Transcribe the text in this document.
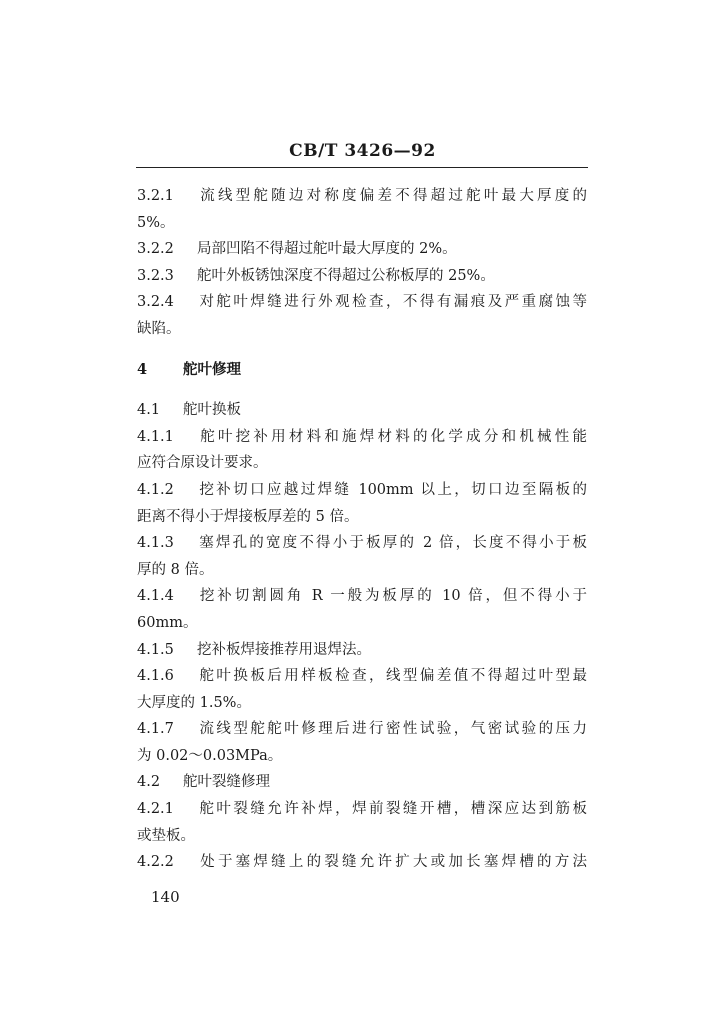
CB/T 3426—92
3.2.1 流线型舵随边对称度偏差不得超过舵叶最大厚度的
5%。
3.2.2 局部凹陷不得超过舵叶最大厚度的 2%。
3.2.3 舵叶外板锈蚀深度不得超过公称板厚的 25%。
3.2.4 对舵叶焊缝进行外观检查，不得有漏痕及严重腐蚀等
缺陷。
4 舵叶修理
4.1 舵叶换板
4.1.1 舵叶挖补用材料和施焊材料的化学成分和机械性能
应符合原设计要求。
4.1.2 挖补切口应越过焊缝 100mm 以上，切口边至隔板的
距离不得小于焊接板厚差的 5 倍。
4.1.3 塞焊孔的宽度不得小于板厚的 2 倍，长度不得小于板
厚的 8 倍。
4.1.4 挖补切割圆角 R 一般为板厚的 10 倍，但不得小于
60mm。
4.1.5 挖补板焊接推荐用退焊法。
4.1.6 舵叶换板后用样板检查，线型偏差值不得超过叶型最
大厚度的 1.5%。
4.1.7 流线型舵舵叶修理后进行密性试验，气密试验的压力
为 0.02～0.03MPa。
4.2 舵叶裂缝修理
4.2.1 舵叶裂缝允许补焊，焊前裂缝开槽，槽深应达到筋板
或垫板。
4.2.2 处于塞焊缝上的裂缝允许扩大或加长塞焊槽的方法
140
